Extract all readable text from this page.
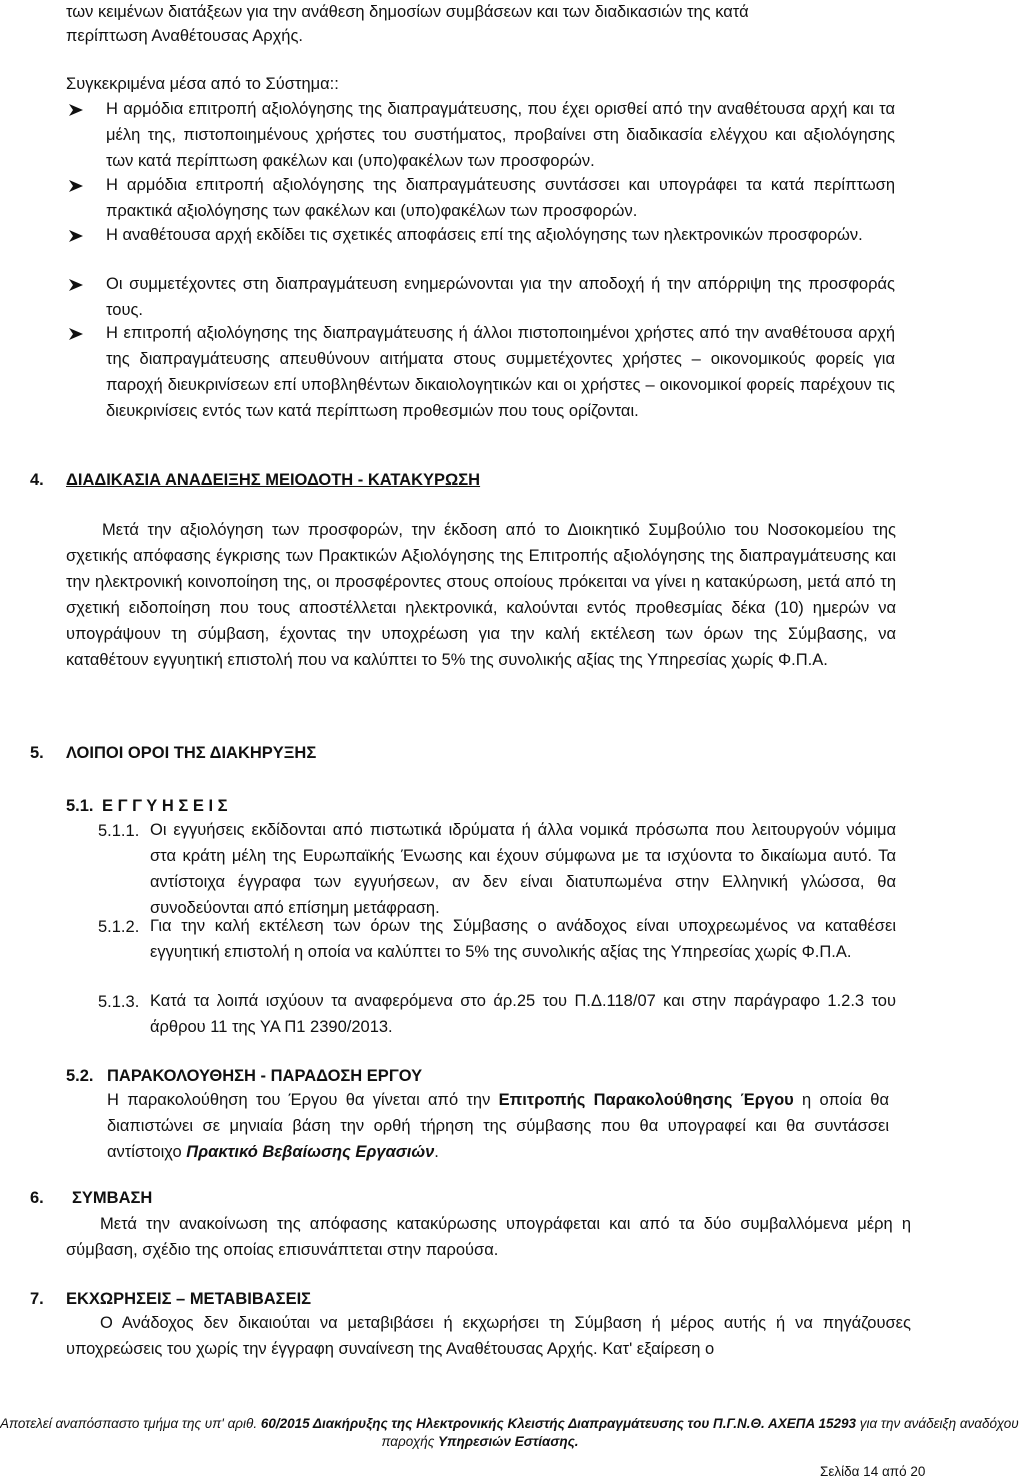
των κειμένων διατάξεων για την ανάθεση δημοσίων συμβάσεων και των διαδικασιών της κατά
περίπτωση Αναθέτουσας Αρχής.
Συγκεκριμένα μέσα από το Σύστημα::
Η αρμόδια επιτροπή αξιολόγησης της διαπραγμάτευσης, που έχει ορισθεί από την αναθέτουσα αρχή και τα μέλη της, πιστοποιημένους χρήστες του συστήματος, προβαίνει στη διαδικασία ελέγχου και αξιολόγησης των κατά περίπτωση φακέλων και (υπο)φακέλων των προσφορών.
Η αρμόδια επιτροπή αξιολόγησης της διαπραγμάτευσης συντάσσει και υπογράφει τα κατά περίπτωση πρακτικά αξιολόγησης των φακέλων και (υπο)φακέλων των προσφορών.
Η αναθέτουσα αρχή εκδίδει τις σχετικές αποφάσεις επί της αξιολόγησης των ηλεκτρονικών προσφορών.
Οι συμμετέχοντες στη διαπραγμάτευση ενημερώνονται για την αποδοχή ή την απόρριψη της προσφοράς τους.
Η επιτροπή αξιολόγησης της διαπραγμάτευσης ή άλλοι πιστοποιημένοι χρήστες από την αναθέτουσα αρχή της διαπραγμάτευσης απευθύνουν αιτήματα στους συμμετέχοντες χρήστες – οικονομικούς φορείς για παροχή διευκρινίσεων επί υποβληθέντων δικαιολογητικών και οι χρήστες – οικονομικοί φορείς παρέχουν τις διευκρινίσεις εντός των κατά περίπτωση προθεσμιών που τους ορίζονται.
4. ΔΙΑΔΙΚΑΣΙΑ ΑΝΑΔΕΙΞΗΣ ΜΕΙΟΔΟΤΗ - ΚΑΤΑΚΥΡΩΣΗ
Μετά την αξιολόγηση των προσφορών, την έκδοση από το Διοικητικό Συμβούλιο του Νοσοκομείου της σχετικής απόφασης έγκρισης των Πρακτικών Αξιολόγησης της Επιτροπής αξιολόγησης της διαπραγμάτευσης και την ηλεκτρονική κοινοποίηση της, οι προσφέροντες στους οποίους πρόκειται να γίνει η κατακύρωση, μετά από τη σχετική ειδοποίηση που τους αποστέλλεται ηλεκτρονικά, καλούνται εντός προθεσμίας δέκα (10) ημερών να υπογράψουν τη σύμβαση, έχοντας την υποχρέωση για την καλή εκτέλεση των όρων της Σύμβασης, να καταθέτουν εγγυητική επιστολή που να καλύπτει το 5% της συνολικής αξίας της Υπηρεσίας χωρίς Φ.Π.Α.
5. ΛΟΙΠΟΙ ΟΡΟΙ ΤΗΣ ΔΙΑΚΗΡΥΞΗΣ
5.1. Ε Γ Γ Υ Η Σ Ε Ι Σ
5.1.1. Οι εγγυήσεις εκδίδονται από πιστωτικά ιδρύματα ή άλλα νομικά πρόσωπα που λειτουργούν νόμιμα στα κράτη μέλη της Ευρωπαϊκής Ένωσης και έχουν σύμφωνα με τα ισχύοντα το δικαίωμα αυτό. Τα αντίστοιχα έγγραφα των εγγυήσεων, αν δεν είναι διατυπωμένα στην Ελληνική γλώσσα, θα συνοδεύονται από επίσημη μετάφραση.
5.1.2. Για την καλή εκτέλεση των όρων της Σύμβασης ο ανάδοχος είναι υποχρεωμένος να καταθέσει εγγυητική επιστολή η οποία να καλύπτει το 5% της συνολικής αξίας της Υπηρεσίας χωρίς Φ.Π.Α.
5.1.3. Κατά τα λοιπά ισχύουν τα αναφερόμενα στο άρ.25 του Π.Δ.118/07 και στην παράγραφο 1.2.3 του άρθρου 11 της ΥΑ Π1 2390/2013.
5.2. ΠΑΡΑΚΟΛΟΥΘΗΣΗ - ΠΑΡΑΔΟΣΗ ΕΡΓΟΥ
Η παρακολούθηση του Έργου θα γίνεται από την Επιτροπής Παρακολούθησης Έργου η οποία θα διαπιστώνει σε μηνιαία βάση την ορθή τήρηση της σύμβασης που θα υπογραφεί και θα συντάσσει αντίστοιχο Πρακτικό Βεβαίωσης Εργασιών.
6. ΣΥΜΒΑΣΗ
Μετά την ανακοίνωση της απόφασης κατακύρωσης υπογράφεται και από τα δύο συμβαλλόμενα μέρη η σύμβαση, σχέδιο της οποίας επισυνάπτεται στην παρούσα.
7. ΕΚΧΩΡΗΣΕΙΣ – ΜΕΤΑΒΙΒΑΣΕΙΣ
Ο Ανάδοχος δεν δικαιούται να μεταβιβάσει ή εκχωρήσει τη Σύμβαση ή μέρος αυτής ή να πηγάζουσες υποχρεώσεις του χωρίς την έγγραφη συναίνεση της Αναθέτουσας Αρχής. Κατ' εξαίρεση ο
Αποτελεί αναπόσπαστο τμήμα της υπ' αριθ. 60/2015 Διακήρυξης της Ηλεκτρονικής Κλειστής Διαπραγμάτευσης του Π.Γ.Ν.Θ. ΑΧΕΠΑ 15293 για την ανάδειξη αναδόχου
παροχής Υπηρεσιών Εστίασης.
Σελίδα 14 από 20
